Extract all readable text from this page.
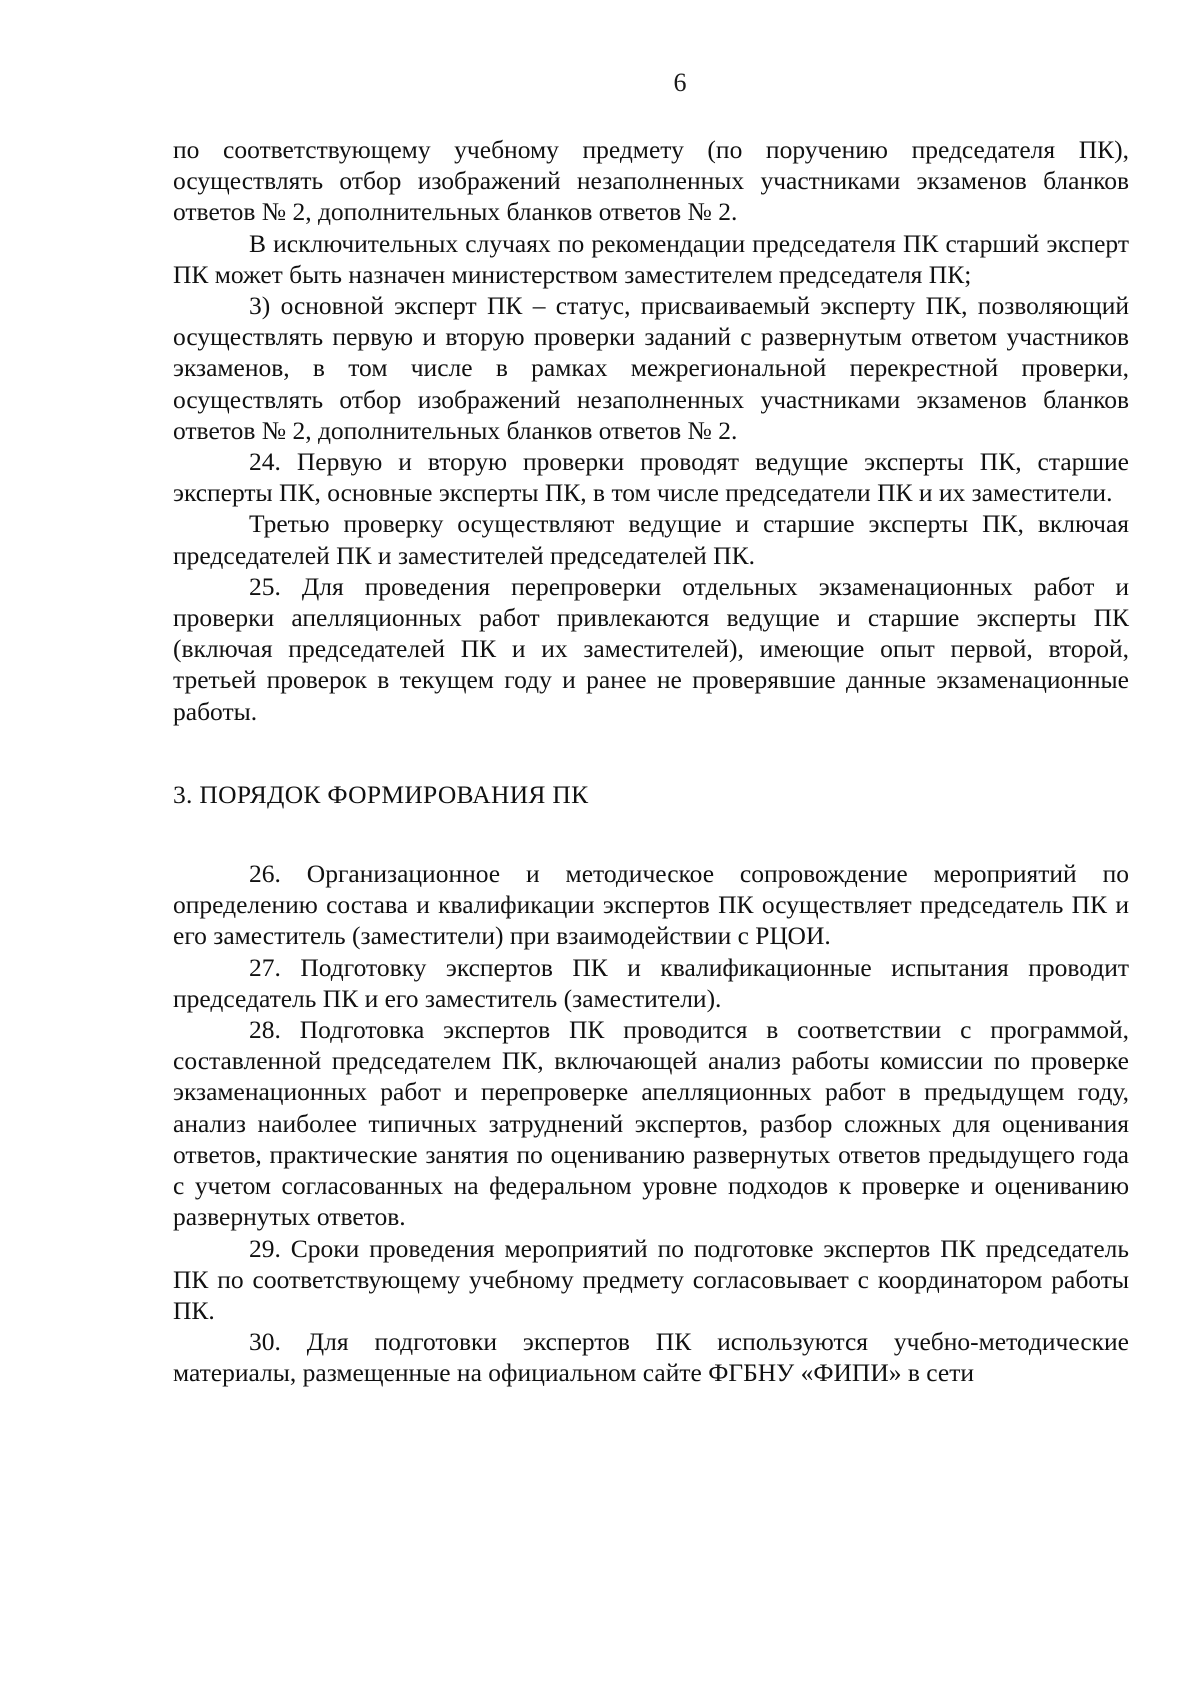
6

по соответствующему учебному предмету (по поручению председателя ПК), осуществлять отбор изображений незаполненных участниками экзаменов бланков ответов № 2, дополнительных бланков ответов № 2.

В исключительных случаях по рекомендации председателя ПК старший эксперт ПК может быть назначен министерством заместителем председателя ПК;

3) основной эксперт ПК – статус, присваиваемый эксперту ПК, позволяющий осуществлять первую и вторую проверки заданий с развернутым ответом участников экзаменов, в том числе в рамках межрегиональной перекрестной проверки, осуществлять отбор изображений незаполненных участниками экзаменов бланков ответов № 2, дополнительных бланков ответов № 2.

24. Первую и вторую проверки проводят ведущие эксперты ПК, старшие эксперты ПК, основные эксперты ПК, в том числе председатели ПК и их заместители.

Третью проверку осуществляют ведущие и старшие эксперты ПК, включая председателей ПК и заместителей председателей ПК.

25. Для проведения перепроверки отдельных экзаменационных работ и проверки апелляционных работ привлекаются ведущие и старшие эксперты ПК (включая председателей ПК и их заместителей), имеющие опыт первой, второй, третьей проверок в текущем году и ранее не проверявшие данные экзаменационные работы.

3. ПОРЯДОК ФОРМИРОВАНИЯ ПК

26. Организационное и методическое сопровождение мероприятий по определению состава и квалификации экспертов ПК осуществляет председатель ПК и его заместитель (заместители) при взаимодействии с РЦОИ.

27. Подготовку экспертов ПК и квалификационные испытания проводит председатель ПК и его заместитель (заместители).

28. Подготовка экспертов ПК проводится в соответствии с программой, составленной председателем ПК, включающей анализ работы комиссии по проверке экзаменационных работ и перепроверке апелляционных работ в предыдущем году, анализ наиболее типичных затруднений экспертов, разбор сложных для оценивания ответов, практические занятия по оцениванию развернутых ответов предыдущего года с учетом согласованных на федеральном уровне подходов к проверке и оцениванию развернутых ответов.

29. Сроки проведения мероприятий по подготовке экспертов ПК председатель ПК по соответствующему учебному предмету согласовывает с координатором работы ПК.

30. Для подготовки экспертов ПК используются учебно-методические материалы, размещенные на официальном сайте ФГБНУ «ФИПИ» в сети
